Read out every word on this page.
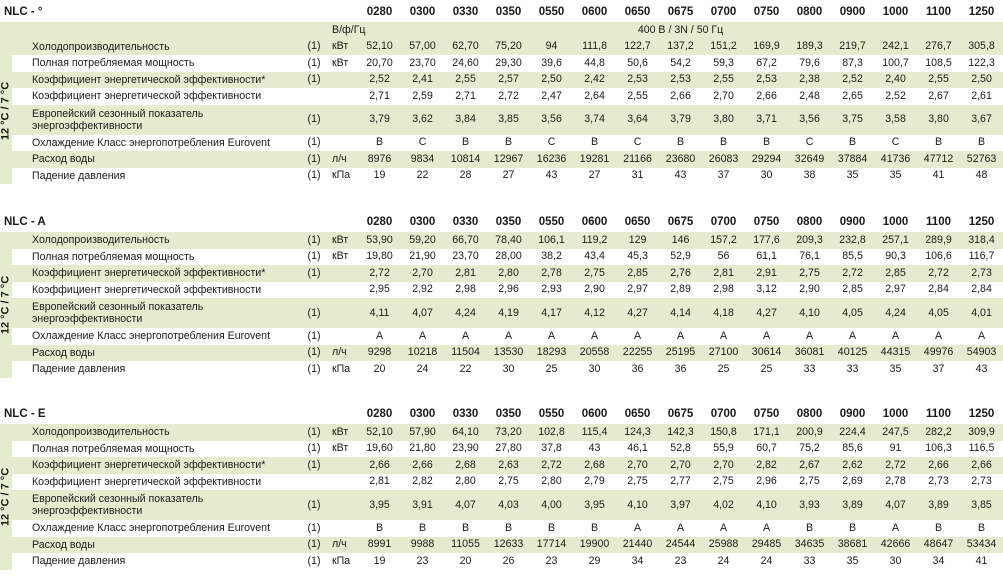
NLC - °					0280	0300	0330	0350	0550	0600	0650	0675	0700	0750	0800	0900	1000	1100	1250
				В/ф/Гц	400 В / 3N / 50 Гц														

12 °C / 7 °C		Холодопроизводительность	(1)	кВт	52,10	57,00	62,70	75,20	94	111,8	122,7	137,2	151,2	169,9	189,3	219,7	242,1	276,7	305,8
		Полная потребляемая мощность	(1)	кВт	20,70	23,70	24,60	29,30	39,6	44,8	50,6	54,2	59,3	67,2	79,6	87,3	100,7	108,5	122,3
		Коэффициент энергетической эффективности*	(1)		2,52	2,41	2,55	2,57	2,50	2,42	2,53	2,53	2,55	2,53	2,38	2,52	2,40	2,55	2,50
		Коэффициент энергетической эффективности			2,71	2,59	2,71	2,72	2,47	2,64	2,55	2,66	2,70	2,66	2,48	2,65	2,52	2,67	2,61
		Европейский сезонный показатель энергоэффективности	(1)		3,79	3,62	3,84	3,85	3,56	3,74	3,64	3,79	3,80	3,71	3,56	3,75	3,58	3,80	3,67
		Охлаждение Класс энергопотребления Eurovent	(1)		B	C	B	B	C	B	C	B	B	B	C	B	C	B	B
		Расход воды	(1)	л/ч	8976	9834	10814	12967	16236	19281	21166	23680	26083	29294	32649	37884	41736	47712	52763
		Падение давления	(1)	кПа	19	22	28	27	43	27	31	43	37	30	38	35	35	41	48
NLC - A					0280	0300	0330	0350	0550	0600	0650	0675	0700	0750	0800	0900	1000	1100	1250

12 °C / 7 °C		Холодопроизводительность	(1)	кВт	53,90	59,20	66,70	78,40	106,1	119,2	129	146	157,2	177,6	209,3	232,8	257,1	289,9	318,4
		Полная потребляемая мощность	(1)	кВт	19,80	21,90	23,70	28,00	38,2	43,4	45,3	52,9	56	61,1	76,1	85,5	90,3	106,6	116,7
		Коэффициент энергетической эффективности*	(1)		2,72	2,70	2,81	2,80	2,78	2,75	2,85	2,76	2,81	2,91	2,75	2,72	2,85	2,72	2,73
		Коэффициент энергетической эффективности			2,95	2,92	2,98	2,96	2,93	2,90	2,97	2,89	2,98	3,12	2,90	2,85	2,97	2,84	2,84
		Европейский сезонный показатель энергоэффективности	(1)		4,11	4,07	4,24	4,19	4,17	4,12	4,27	4,14	4,18	4,27	4,10	4,05	4,24	4,05	4,01
		Охлаждение Класс энергопотребления Eurovent	(1)		A	A	A	A	A	A	A	A	A	A	A	A	A	A	A
		Расход воды	(1)	л/ч	9298	10218	11504	13530	18293	20558	22255	25195	27100	30614	36081	40125	44315	49976	54903
		Падение давления	(1)	кПа	20	24	22	30	25	30	36	36	25	25	33	33	35	37	43
NLC - E					0280	0300	0330	0350	0550	0600	0650	0675	0700	0750	0800	0900	1000	1100	1250

12 °C / 7 °C		Холодопроизводительность	(1)	кВт	52,10	57,90	64,10	73,20	102,8	115,4	124,3	142,3	150,8	171,1	200,9	224,4	247,5	282,2	309,9
		Полная потребляемая мощность	(1)	кВт	19,60	21,80	23,90	27,80	37,8	43	46,1	52,8	55,9	60,7	75,2	85,6	91	106,3	116,5
		Коэффициент энергетической эффективности*	(1)		2,66	2,66	2,68	2,63	2,72	2,68	2,70	2,70	2,70	2,82	2,67	2,62	2,72	2,66	2,66
		Коэффициент энергетической эффективности			2,81	2,82	2,80	2,75	2,80	2,79	2,75	2,77	2,75	2,96	2,75	2,69	2,78	2,73	2,73
		Европейский сезонный показатель энергоэффективности	(1)		3,95	3,91	4,07	4,03	4,00	3,95	4,10	3,97	4,02	4,10	3,93	3,89	4,07	3,89	3,85
		Охлаждение Класс энергопотребления Eurovent	(1)		B	B	B	B	B	B	A	A	A	A	B	B	A	B	B
		Расход воды	(1)	л/ч	8991	9988	11055	12633	17714	19900	21440	24544	25988	29485	34635	38681	42666	48647	53434
		Падение давления	(1)	кПа	19	23	20	26	23	29	34	23	24	24	33	35	30	34	41
